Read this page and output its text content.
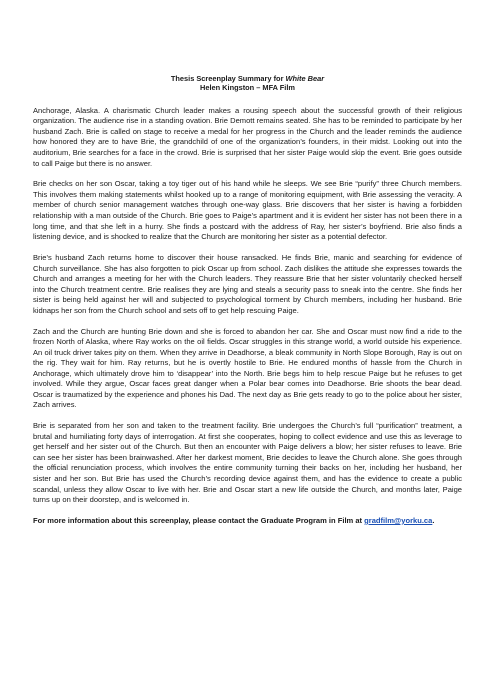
Thesis Screenplay Summary for White Bear
Helen Kingston – MFA Film

Anchorage, Alaska. A charismatic Church leader makes a rousing speech about the successful growth of their religious organization. The audience rise in a standing ovation. Brie Demott remains seated. She has to be reminded to participate by her husband Zach. Brie is called on stage to receive a medal for her progress in the Church and the leader reminds the audience how honored they are to have Brie, the grandchild of one of the organization’s founders, in their midst. Looking out into the auditorium, Brie searches for a face in the crowd. Brie is surprised that her sister Paige would skip the event. Brie goes outside to call Paige but there is no answer.

Brie checks on her son Oscar, taking a toy tiger out of his hand while he sleeps. We see Brie “purify” three Church members. This involves them making statements whilst hooked up to a range of monitoring equipment, with Brie assessing the veracity. A member of church senior management watches through one-way glass. Brie discovers that her sister is having a forbidden relationship with a man outside of the Church. Brie goes to Paige’s apartment and it is evident her sister has not been there in a long time, and that she left in a hurry. She finds a postcard with the address of Ray, her sister’s boyfriend. Brie also finds a listening device, and is shocked to realize that the Church are monitoring her sister as a potential defector.

Brie’s husband Zach returns home to discover their house ransacked. He finds Brie, manic and searching for evidence of Church surveillance. She has also forgotten to pick Oscar up from school. Zach dislikes the attitude she expresses towards the Church and arranges a meeting for her with the Church leaders. They reassure Brie that her sister voluntarily checked herself into the Church treatment centre. Brie realises they are lying and steals a security pass to sneak into the centre. She finds her sister is being held against her will and subjected to psychological torment by Church members, including her husband. Brie kidnaps her son from the Church school and sets off to get help rescuing Paige.

Zach and the Church are hunting Brie down and she is forced to abandon her car. She and Oscar must now find a ride to the frozen North of Alaska, where Ray works on the oil fields. Oscar struggles in this strange world, a world outside his experience. An oil truck driver takes pity on them. When they arrive in Deadhorse, a bleak community in North Slope Borough, Ray is out on the rig. They wait for him. Ray returns, but he is overtly hostile to Brie. He endured months of hassle from the Church in Anchorage, which ultimately drove him to ‘disappear’ into the North. Brie begs him to help rescue Paige but he refuses to get involved. While they argue, Oscar faces great danger when a Polar bear comes into Deadhorse. Brie shoots the bear dead. Oscar is traumatized by the experience and phones his Dad. The next day as Brie gets ready to go to the police about her sister, Zach arrives.

Brie is separated from her son and taken to the treatment facility. Brie undergoes the Church’s full “purification” treatment, a brutal and humiliating forty days of interrogation. At first she cooperates, hoping to collect evidence and use this as leverage to get herself and her sister out of the Church. But then an encounter with Paige delivers a blow; her sister refuses to leave. Brie can see her sister has been brainwashed. After her darkest moment, Brie decides to leave the Church alone. She goes through the official renunciation process, which involves the entire community turning their backs on her, including her husband, her sister and her son. But Brie has used the Church’s recording device against them, and has the evidence to create a public scandal, unless they allow Oscar to live with her. Brie and Oscar start a new life outside the Church, and months later, Paige turns up on their doorstep, and is welcomed in.

For more information about this screenplay, please contact the Graduate Program in Film at gradfilm@yorku.ca.
